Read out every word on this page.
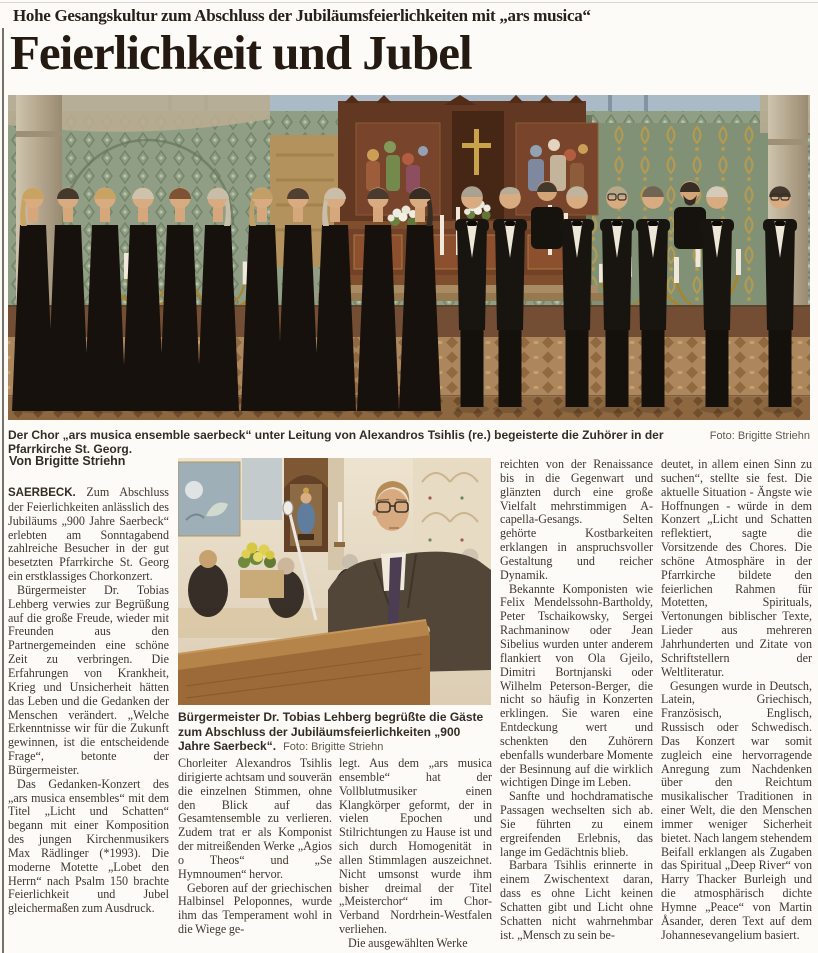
Hohe Gesangskultur zum Abschluss der Jubiläumsfeierlichkeiten mit „ars musica“
Feierlichkeit und Jubel
Der Chor „ars musica ensemble saerbeck“ unter Leitung von Alexandros Tsihlis (re.) begeisterte die Zuhörer in der Pfarrkirche St. Georg.
Foto: Brigitte Striehn
Von Brigitte Striehn
Bürgermeister Dr. Tobias Lehberg begrüßte die Gäste zum Abschluss der Jubiläumsfeierlichkeiten „900 Jahre Saerbeck“. Foto: Brigitte Striehn

SAERBECK. Zum Abschluss der Feierlichkeiten anlässlich des Jubiläums „900 Jahre Saerbeck“ erlebten am Sonntagabend zahlreiche Besucher in der gut besetzten Pfarrkirche St. Georg ein erstklassiges Chorkonzert.

Bürgermeister Dr. Tobias Lehberg verwies zur Begrüßung auf die große Freude, wieder mit Freunden aus den Partnergemeinden eine schöne Zeit zu verbringen. Die Erfahrungen von Krankheit, Krieg und Unsicherheit hätten das Leben und die Gedanken der Menschen verändert. „Welche Erkenntnisse wir für die Zukunft gewinnen, ist die entscheidende Frage“, betonte der Bürgermeister.

Das Gedanken-Konzert des „ars musica ensembles“ mit dem Titel „Licht und Schatten“ begann mit einer Komposition des jungen Kirchenmusikers Max Rädlinger (*1993). Die moderne Motette „Lobet den Herrn“ nach Psalm 150 brachte Feierlichkeit und Jubel gleichermaßen zum Ausdruck.

Chorleiter Alexandros Tsihlis dirigierte achtsam und souverän die einzelnen Stimmen, ohne den Blick auf das Gesamtensemble zu verlieren. Zudem trat er als Komponist der mitreißenden Werke „Agios o Theos“ und „Se Hymnoumen“ hervor.

Geboren auf der griechischen Halbinsel Peloponnes, wurde ihm das Temperament wohl in die Wiege ge-

legt. Aus dem „ars musica ensemble“ hat der Vollblutmusiker einen Klangkörper geformt, der in vielen Epochen und Stilrichtungen zu Hause ist und sich durch Homogenität in allen Stimmlagen auszeichnet. Nicht umsonst wurde ihm bisher dreimal der Titel „Meisterchor“ im Chor-Verband Nordrhein-Westfalen verliehen.

Die ausgewählten Werke

reichten von der Renaissance bis in die Gegenwart und glänzten durch eine große Vielfalt mehrstimmigen A-capella-Gesangs. Selten gehörte Kostbarkeiten erklangen in anspruchsvoller Gestaltung und reicher Dynamik.

Bekannte Komponisten wie Felix Mendelssohn-Bartholdy, Peter Tschaikowsky, Sergei Rachmaninow oder Jean Sibelius wurden unter anderem flankiert von Ola Gjeilo, Dimitri Bortnjanski oder Wilhelm Peterson-Berger, die nicht so häufig in Konzerten erklingen. Sie waren eine Entdeckung wert und schenkten den Zuhörern ebenfalls wunderbare Momente der Besinnung auf die wirklich wichtigen Dinge im Leben.

Sanfte und hochdramatische Passagen wechselten sich ab. Sie führten zu einem ergreifenden Erlebnis, das lange im Gedächtnis blieb.

Barbara Tsihlis erinnerte in einem Zwischentext daran, dass es ohne Licht keinen Schatten gibt und Licht ohne Schatten nicht wahrnehmbar ist. „Mensch zu sein be-

deutet, in allem einen Sinn zu suchen“, stellte sie fest. Die aktuelle Situation - Ängste wie Hoffnungen - würde in dem Konzert „Licht und Schatten reflektiert, sagte die Vorsitzende des Chores. Die schöne Atmosphäre in der Pfarrkirche bildete den feierlichen Rahmen für Motetten, Spirituals, Vertonungen biblischer Texte, Lieder aus mehreren Jahrhunderten und Zitate von Schriftstellern der Weltliteratur.

Gesungen wurde in Deutsch, Latein, Griechisch, Französisch, Englisch, Russisch oder Schwedisch. Das Konzert war somit zugleich eine hervorragende Anregung zum Nachdenken über den Reichtum musikalischer Traditionen in einer Welt, die den Menschen immer weniger Sicherheit bietet. Nach langem stehendem Beifall erklangen als Zugaben das Spiritual „Deep River“ von Harry Thacker Burleigh und die atmosphärisch dichte Hymne „Peace“ von Martin Åsander, deren Text auf dem Johannesevangelium basiert.
